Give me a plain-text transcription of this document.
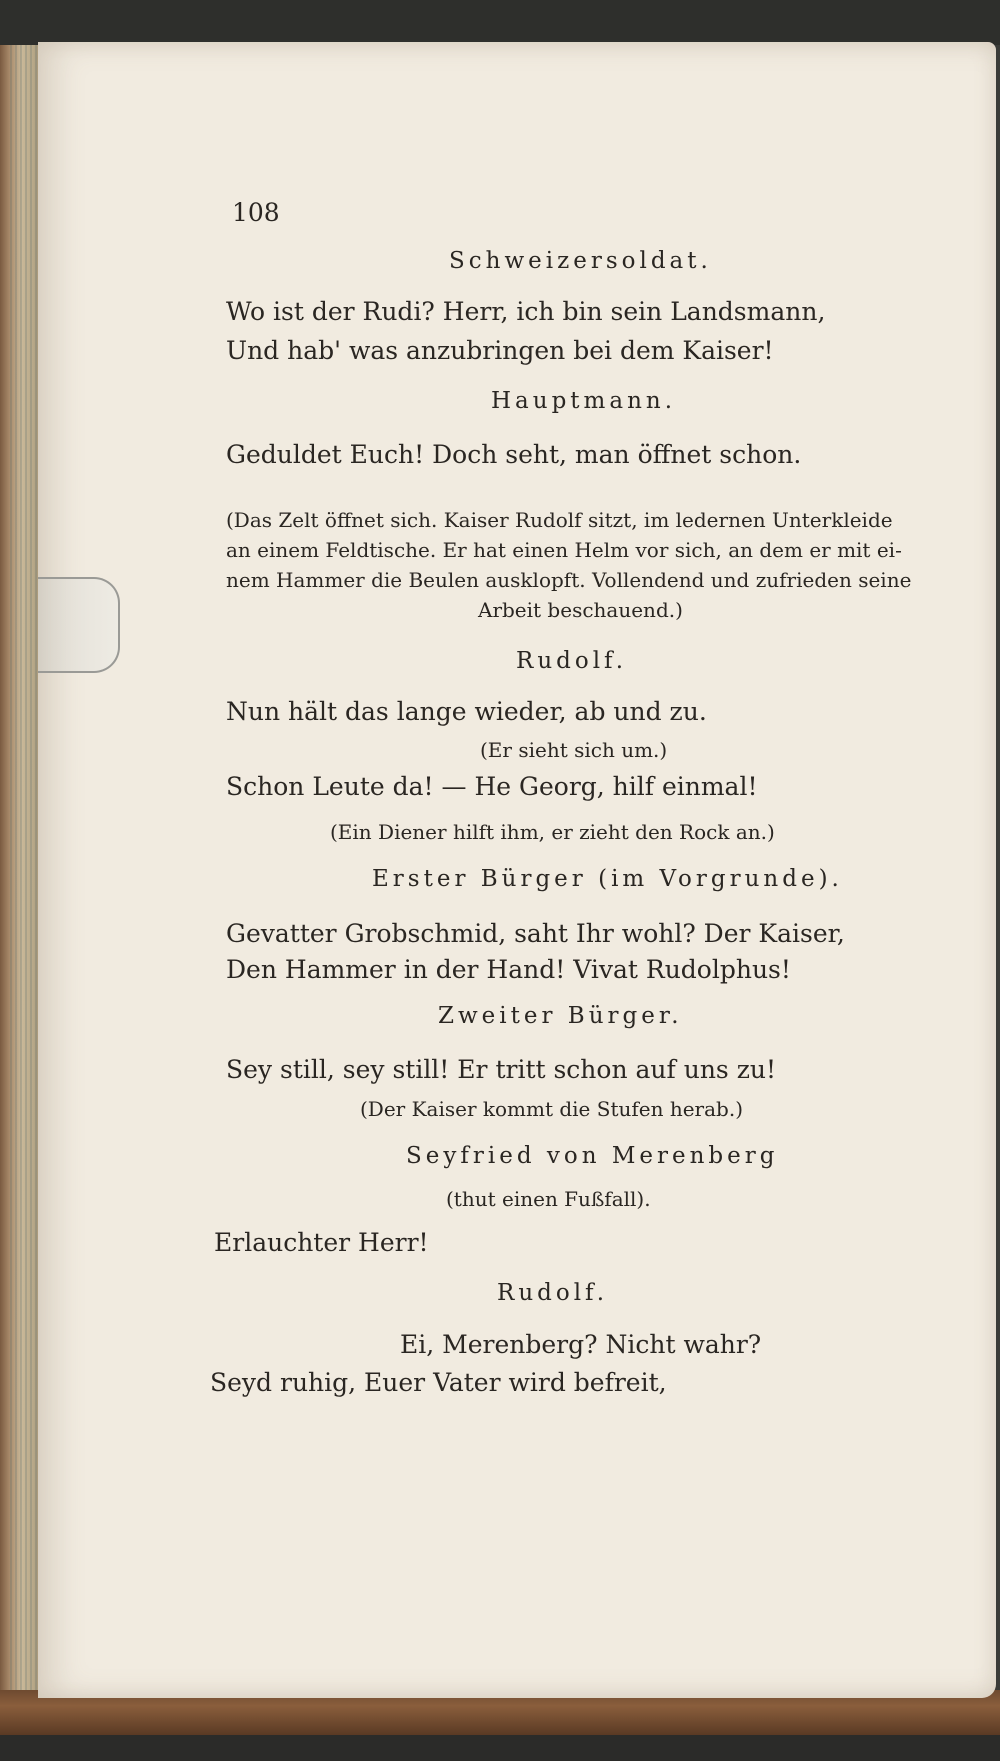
108
Schweizersoldat.
Wo ist der Rudi? Herr, ich bin sein Landsmann,
Und hab' was anzubringen bei dem Kaiser!
Hauptmann.
Geduldet Euch! Doch seht, man öffnet schon.
(Das Zelt öffnet sich. Kaiser Rudolf sitzt, im ledernen Unterkleide
an einem Feldtische. Er hat einen Helm vor sich, an dem er mit ei-
nem Hammer die Beulen ausklopft. Vollendend und zufrieden seine
Arbeit beschauend.)
Rudolf.
Nun hält das lange wieder, ab und zu.
(Er sieht sich um.)
Schon Leute da! — He Georg, hilf einmal!
(Ein Diener hilft ihm, er zieht den Rock an.)
Erster Bürger (im Vorgrunde).
Gevatter Grobschmid, saht Ihr wohl? Der Kaiser,
Den Hammer in der Hand! Vivat Rudolphus!
Zweiter Bürger.
Sey still, sey still! Er tritt schon auf uns zu!
(Der Kaiser kommt die Stufen herab.)
Seyfried von Merenberg
(thut einen Fußfall).
Erlauchter Herr!
Rudolf.
Ei, Merenberg? Nicht wahr?
Seyd ruhig, Euer Vater wird befreit,
